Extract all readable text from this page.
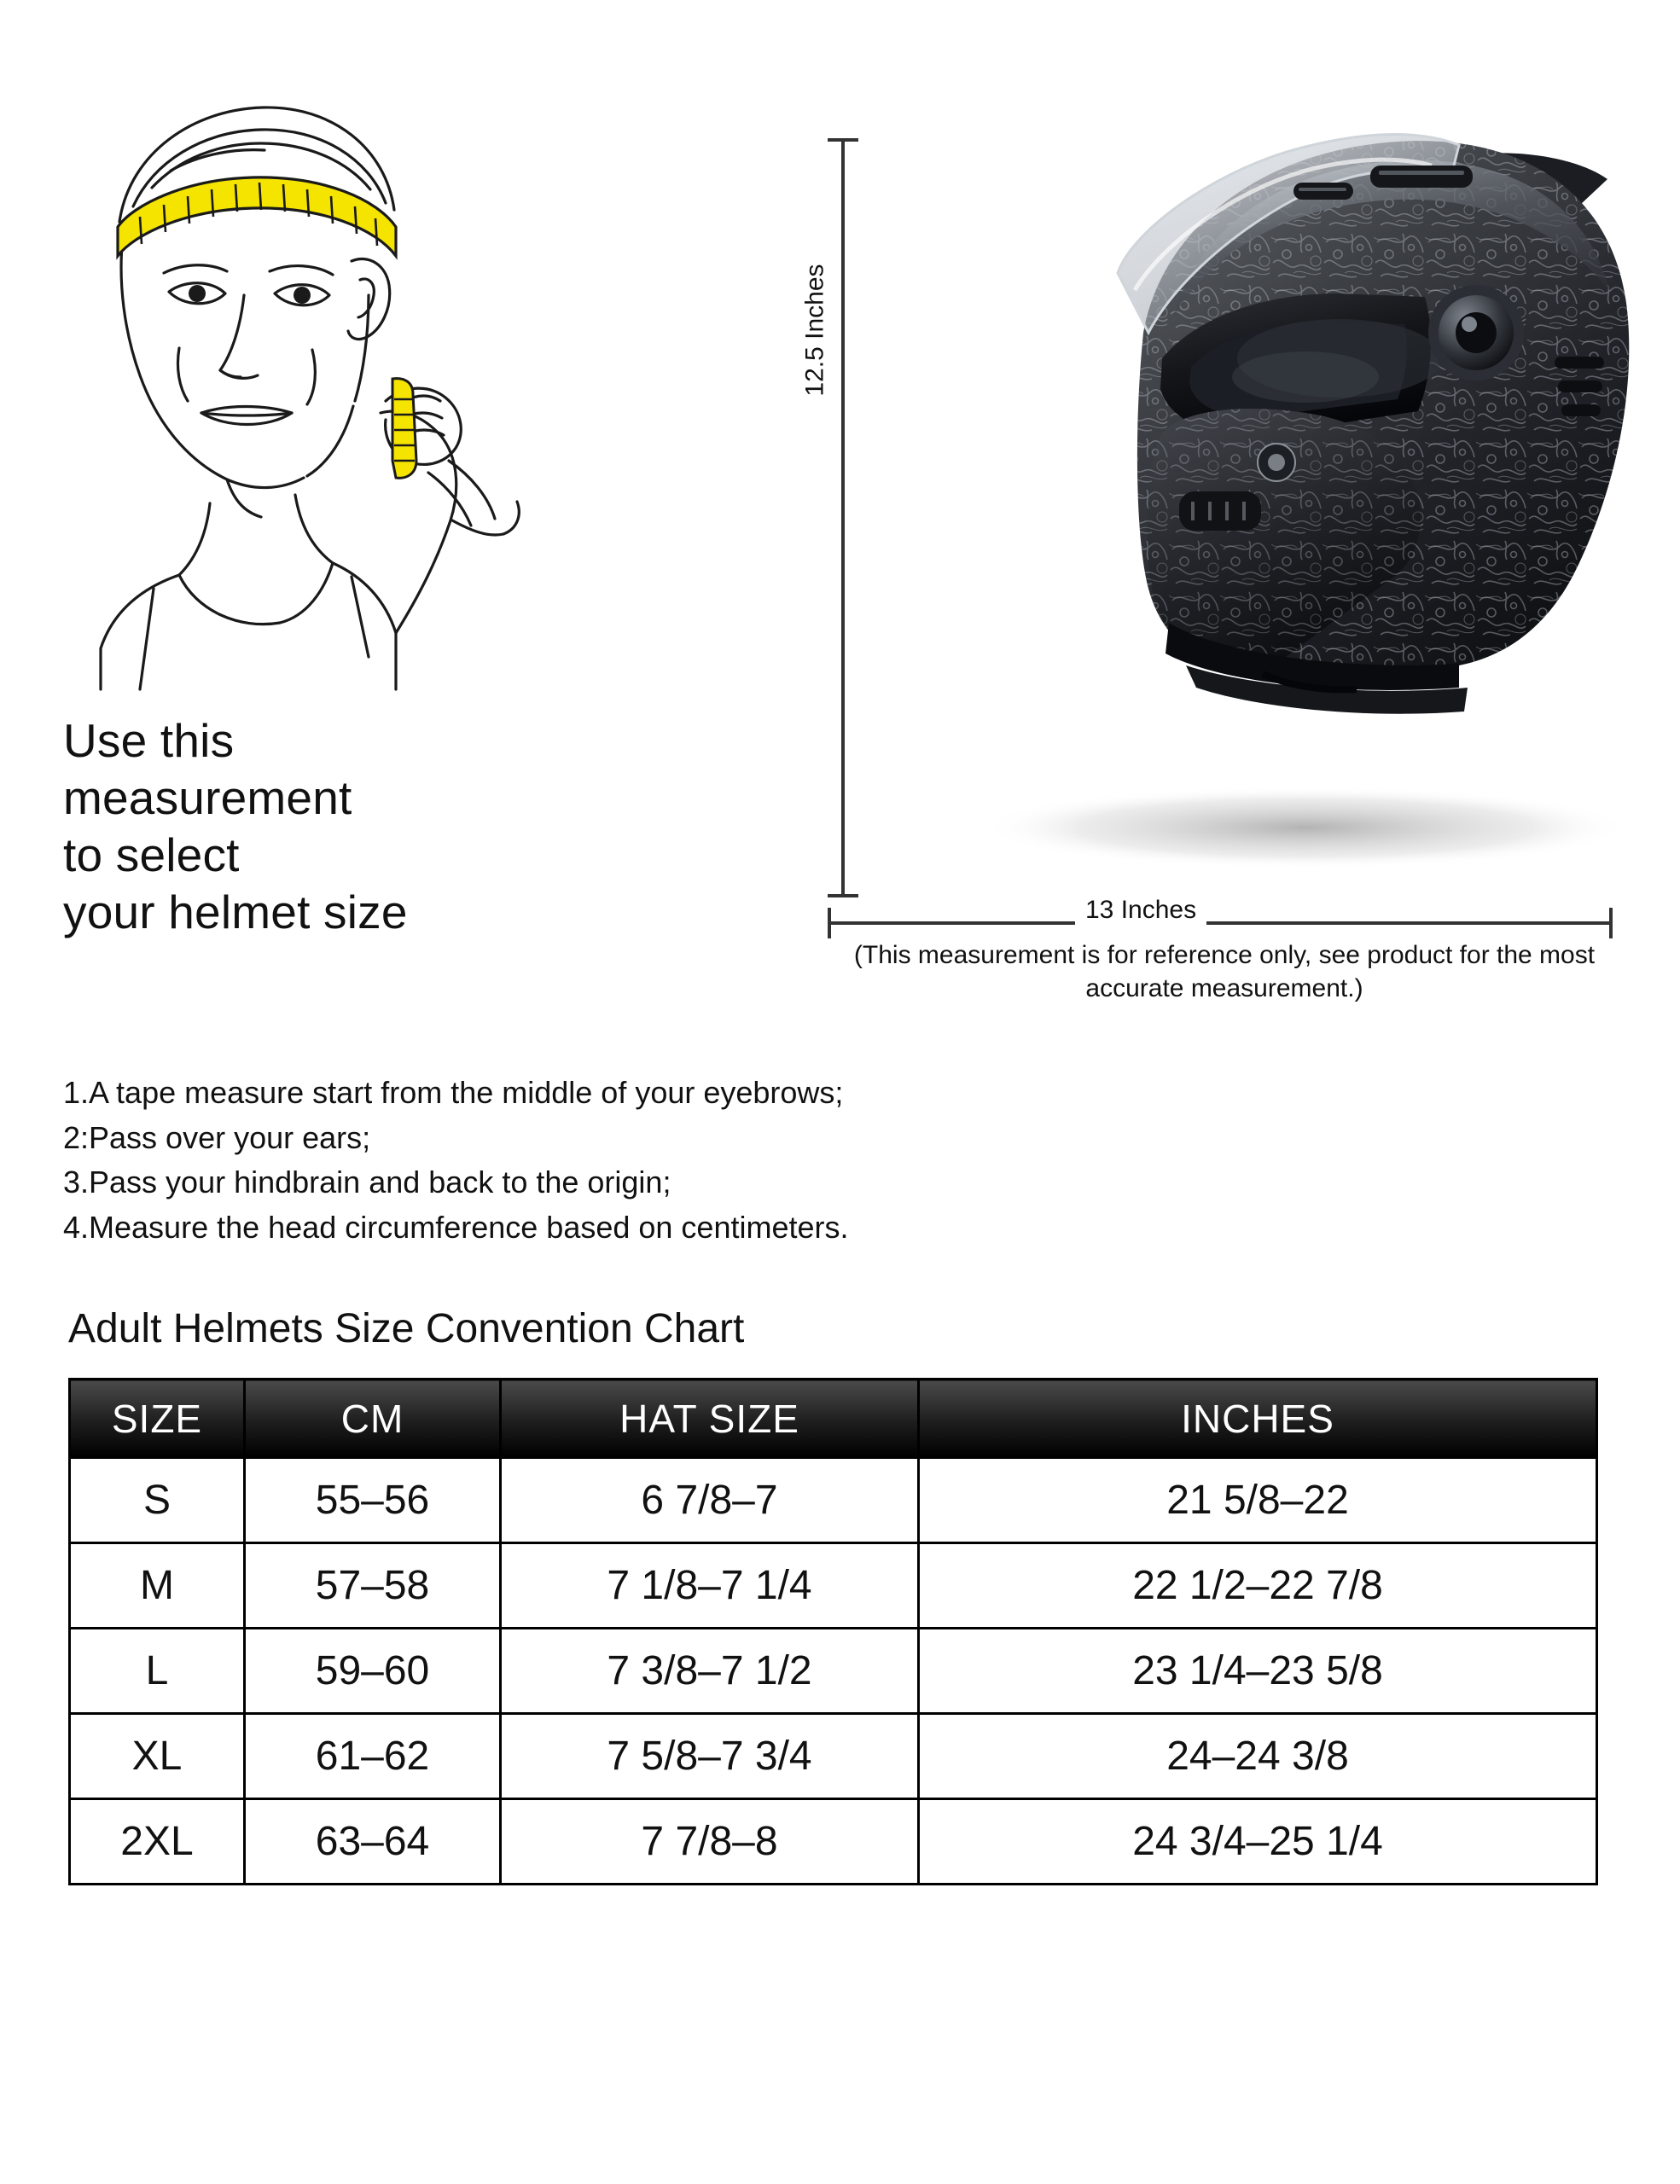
Use this
measurement
to select
your helmet size
12.5 Inches
13 Inches
(This measurement is for reference only, see product for the most accurate measurement.)
1.A tape measure start from the middle of your eyebrows;
2:Pass over your ears;
3.Pass your hindbrain and back to the origin;
4.Measure the head circumference based on centimeters.
Adult Helmets Size Convention Chart
SIZE	CM	HAT SIZE	INCHES
S	55–56	6 7/8–7	21 5/8–22
M	57–58	7 1/8–7 1/4	22 1/2–22 7/8
L	59–60	7 3/8–7 1/2	23 1/4–23 5/8
XL	61–62	7 5/8–7 3/4	24–24 3/8
2XL	63–64	7 7/8–8	24 3/4–25 1/4
